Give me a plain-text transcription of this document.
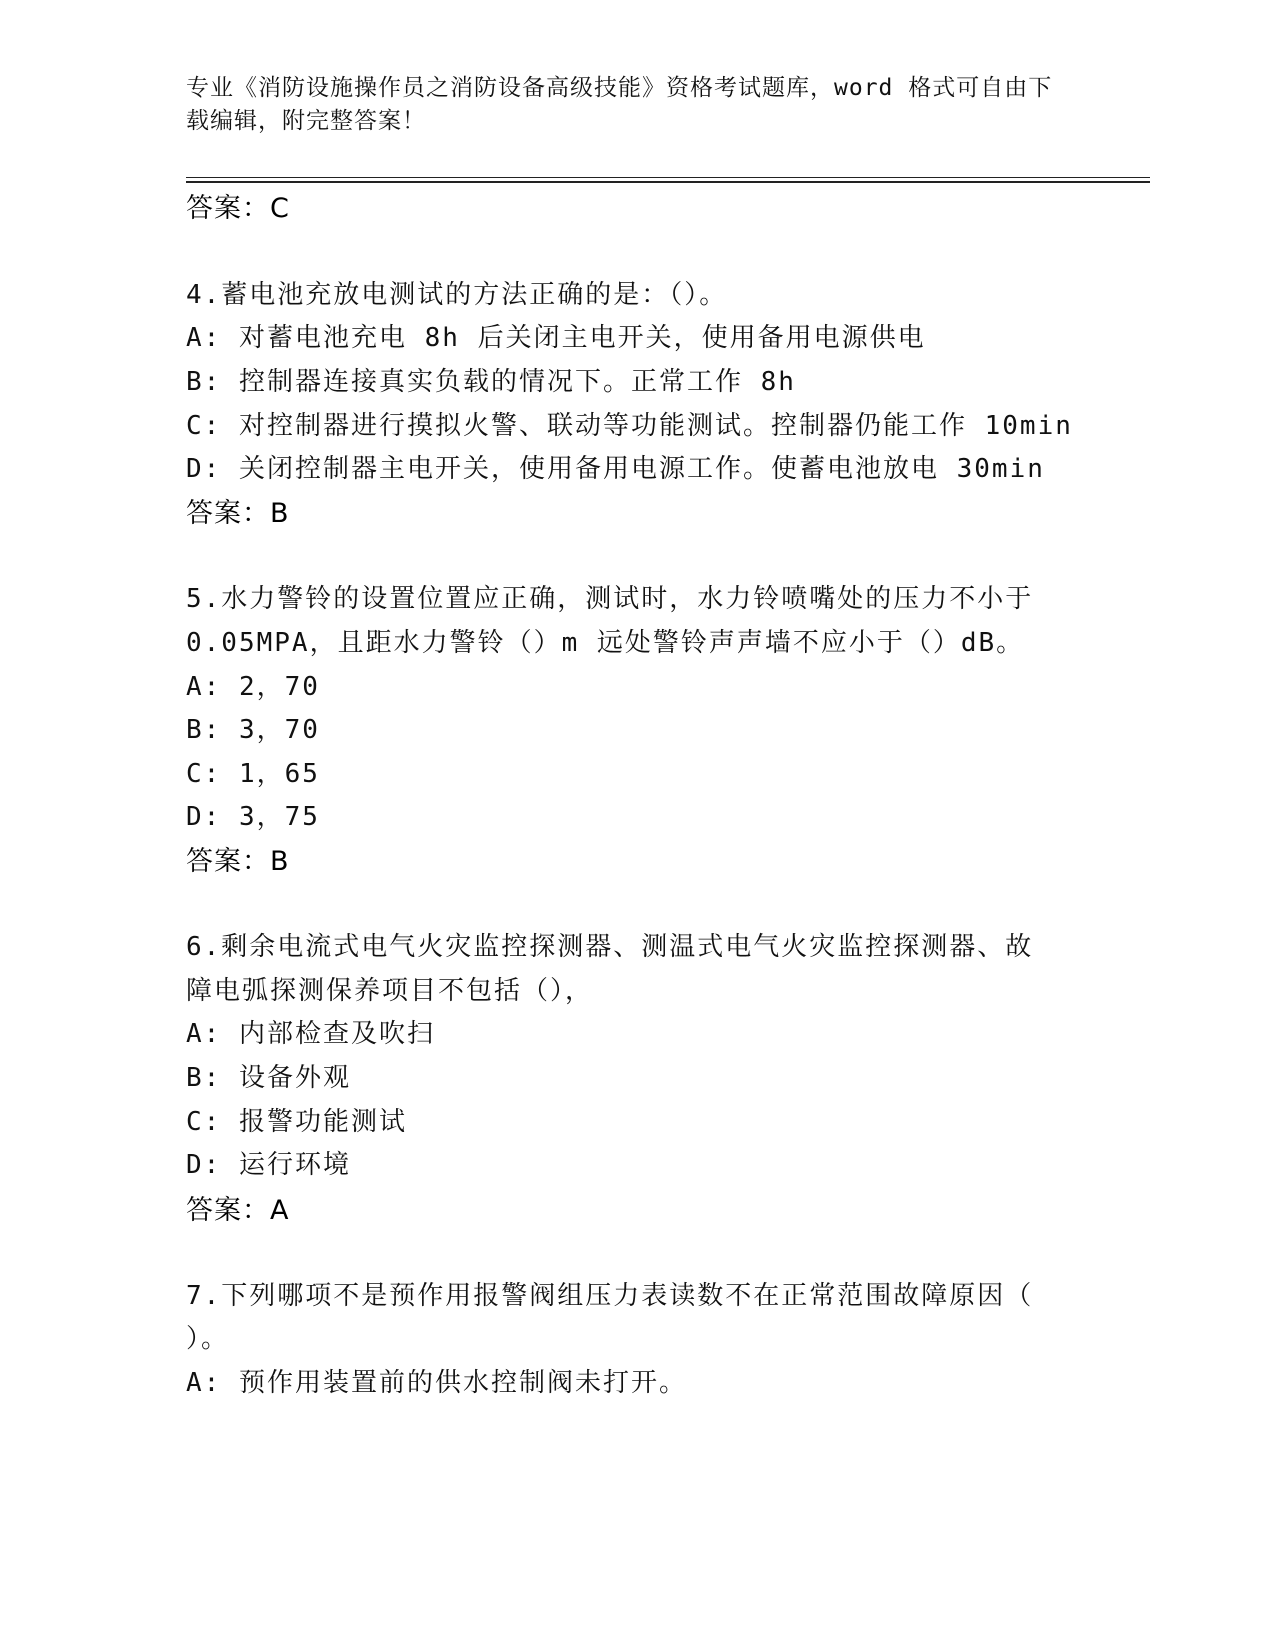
专业《消防设施操作员之消防设备高级技能》资格考试题库，word 格式可自由下
载编辑，附完整答案！
答案：C
4.蓄电池充放电测试的方法正确的是：（）。
A: 对蓄电池充电 8h 后关闭主电开关，使用备用电源供电
B: 控制器连接真实负载的情况下。正常工作 8h
C: 对控制器进行摸拟火警、联动等功能测试。控制器仍能工作 10min
D: 关闭控制器主电开关，使用备用电源工作。使蓄电池放电 30min
答案：B
5.水力警铃的设置位置应正确，测试时，水力铃喷嘴处的压力不小于
0.05MPA，且距水力警铃（）m 远处警铃声声墙不应小于（）dB。
A: 2，70
B: 3，70
C: 1，65
D: 3，75
答案：B
6.剩余电流式电气火灾监控探测器、测温式电气火灾监控探测器、故
障电弧探测保养项目不包括（），
A: 内部检查及吹扫
B: 设备外观
C: 报警功能测试
D: 运行环境
答案：A
7.下列哪项不是预作用报警阀组压力表读数不在正常范围故障原因（
）。
A: 预作用装置前的供水控制阀未打开。
